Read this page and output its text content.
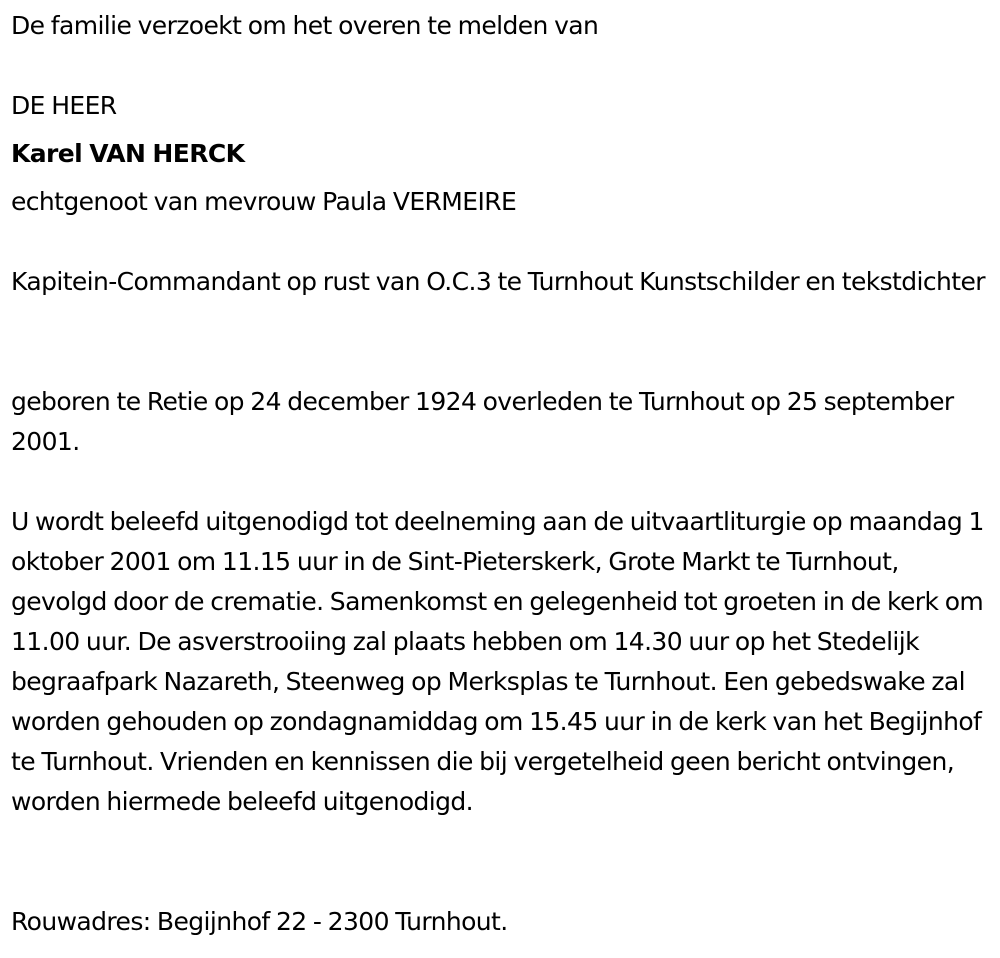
De familie verzoekt om het overen te melden van
DE HEER
Karel VAN HERCK
echtgenoot van mevrouw Paula VERMEIRE
Kapitein-Commandant op rust van O.C.3 te Turnhout Kunstschilder en tekstdichter
geboren te Retie op 24 december 1924 overleden te Turnhout op 25 september 2001.
U wordt beleefd uitgenodigd tot deelneming aan de uitvaartliturgie op maandag 1 oktober 2001 om 11.15 uur in de Sint-Pieterskerk, Grote Markt te Turnhout, gevolgd door de crematie. Samenkomst en gelegenheid tot groeten in de kerk om 11.00 uur. De asverstrooiing zal plaats hebben om 14.30 uur op het Stedelijk begraafpark Nazareth, Steenweg op Merksplas te Turnhout. Een gebedswake zal worden gehouden op zondagnamiddag om 15.45 uur in de kerk van het Begijnhof te Turnhout. Vrienden en kennissen die bij vergetelheid geen bericht ontvingen, worden hiermede beleefd uitgenodigd.
Rouwadres: Begijnhof 22 - 2300 Turnhout.
